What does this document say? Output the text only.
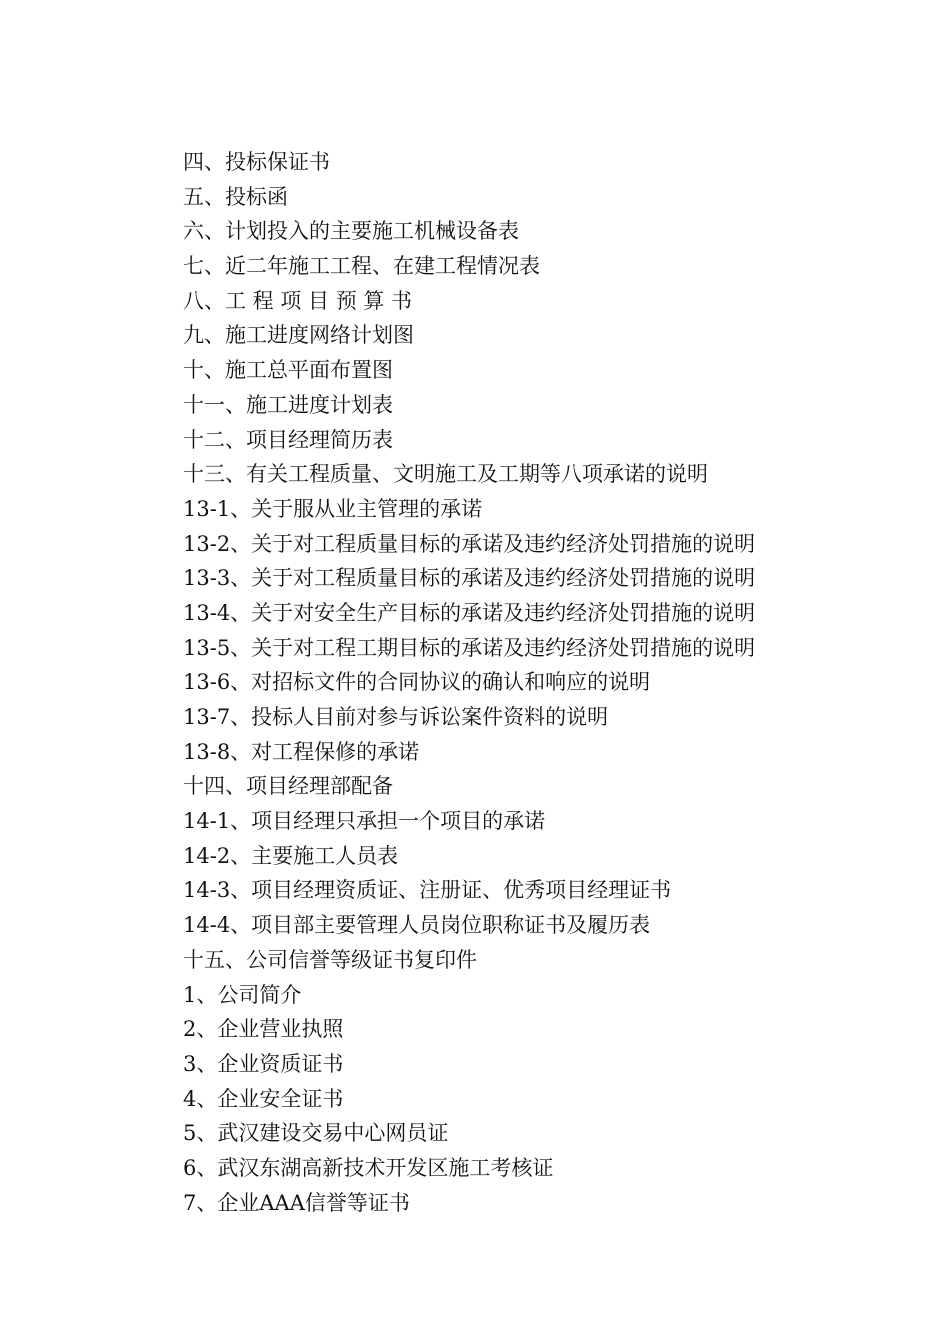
四、投标保证书
五、投标函
六、计划投入的主要施工机械设备表
七、近二年施工工程、在建工程情况表
八、工 程 项 目 预 算 书
九、施工进度网络计划图
十、施工总平面布置图
十一、施工进度计划表
十二、项目经理简历表
十三、有关工程质量、文明施工及工期等八项承诺的说明
13-1、关于服从业主管理的承诺
13-2、关于对工程质量目标的承诺及违约经济处罚措施的说明
13-3、关于对工程质量目标的承诺及违约经济处罚措施的说明
13-4、关于对安全生产目标的承诺及违约经济处罚措施的说明
13-5、关于对工程工期目标的承诺及违约经济处罚措施的说明
13-6、对招标文件的合同协议的确认和响应的说明
13-7、投标人目前对参与诉讼案件资料的说明
13-8、对工程保修的承诺
十四、项目经理部配备
14-1、项目经理只承担一个项目的承诺
14-2、主要施工人员表
14-3、项目经理资质证、注册证、优秀项目经理证书
14-4、项目部主要管理人员岗位职称证书及履历表
十五、公司信誉等级证书复印件
1、公司简介
2、企业营业执照
3、企业资质证书
4、企业安全证书
5、武汉建设交易中心网员证
6、武汉东湖高新技术开发区施工考核证
7、企业AAA信誉等证书
